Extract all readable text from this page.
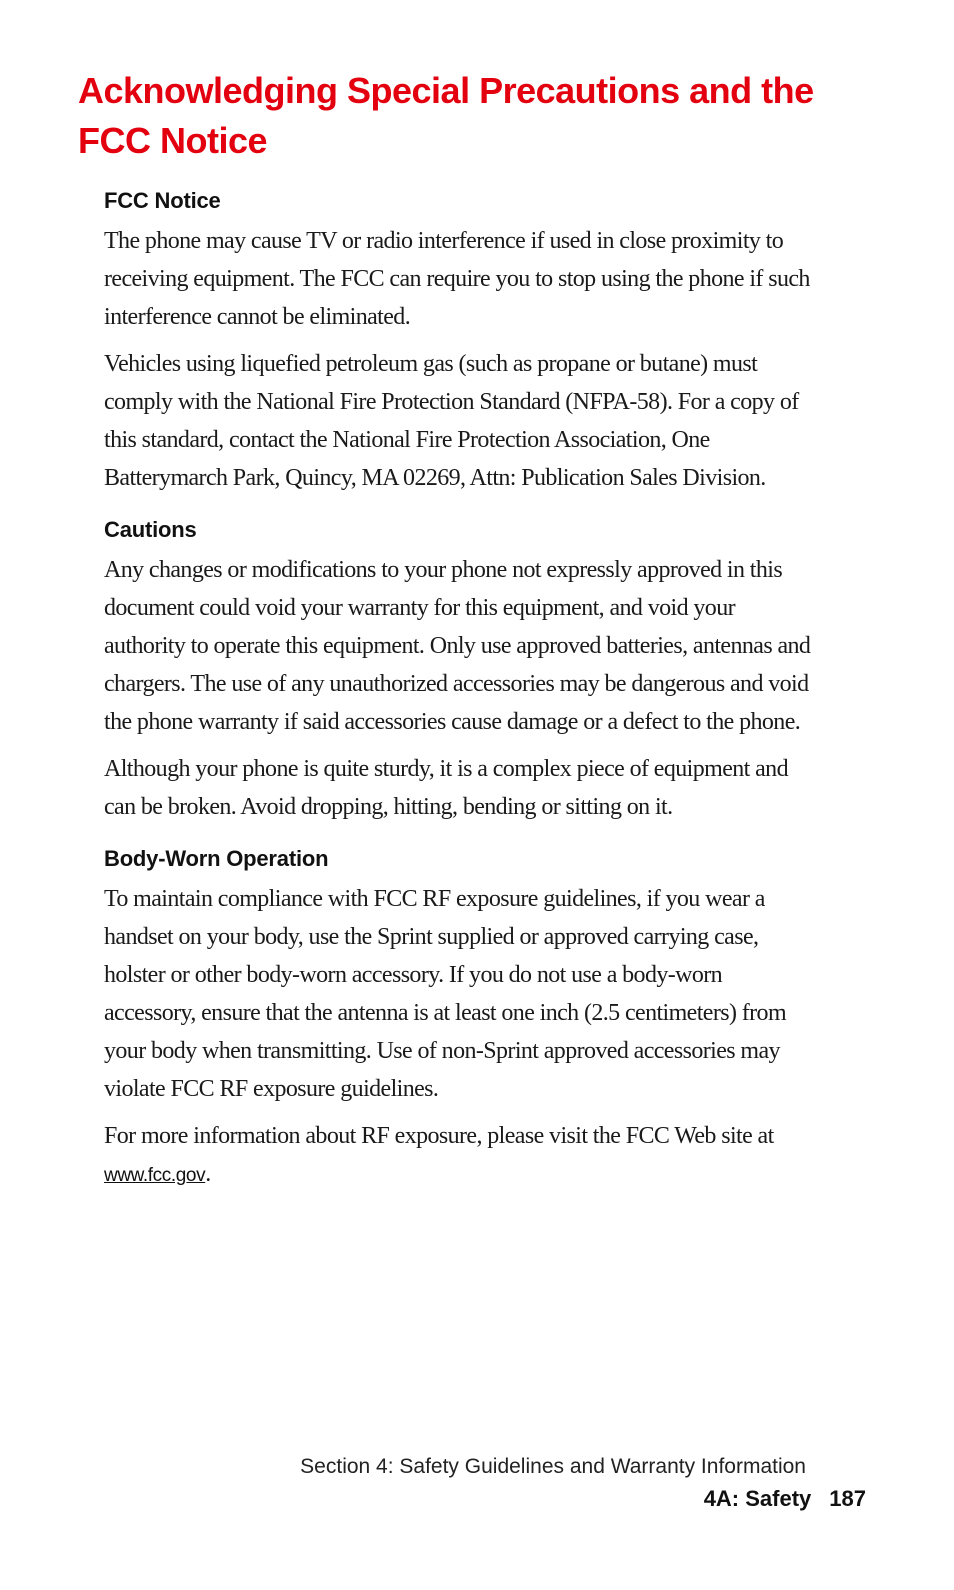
Acknowledging Special Precautions and the FCC Notice
FCC Notice

The phone may cause TV or radio interference if used in close proximity to receiving equipment. The FCC can require you to stop using the phone if such interference cannot be eliminated.

Vehicles using liquefied petroleum gas (such as propane or butane) must comply with the National Fire Protection Standard (NFPA-58). For a copy of this standard, contact the National Fire Protection Association, One Batterymarch Park, Quincy, MA 02269, Attn: Publication Sales Division.

Cautions

Any changes or modifications to your phone not expressly approved in this document could void your warranty for this equipment, and void your authority to operate this equipment. Only use approved batteries, antennas and chargers. The use of any unauthorized accessories may be dangerous and void the phone warranty if said accessories cause damage or a defect to the phone.

Although your phone is quite sturdy, it is a complex piece of equipment and can be broken. Avoid dropping, hitting, bending or sitting on it.

Body-Worn Operation

To maintain compliance with FCC RF exposure guidelines, if you wear a handset on your body, use the Sprint supplied or approved carrying case, holster or other body-worn accessory. If you do not use a body-worn accessory, ensure that the antenna is at least one inch (2.5 centimeters) from your body when transmitting. Use of non-Sprint approved accessories may violate FCC RF exposure guidelines.

For more information about RF exposure, please visit the FCC Web site at www.fcc.gov.

Section 4: Safety Guidelines and Warranty Information
4A: Safety 187
